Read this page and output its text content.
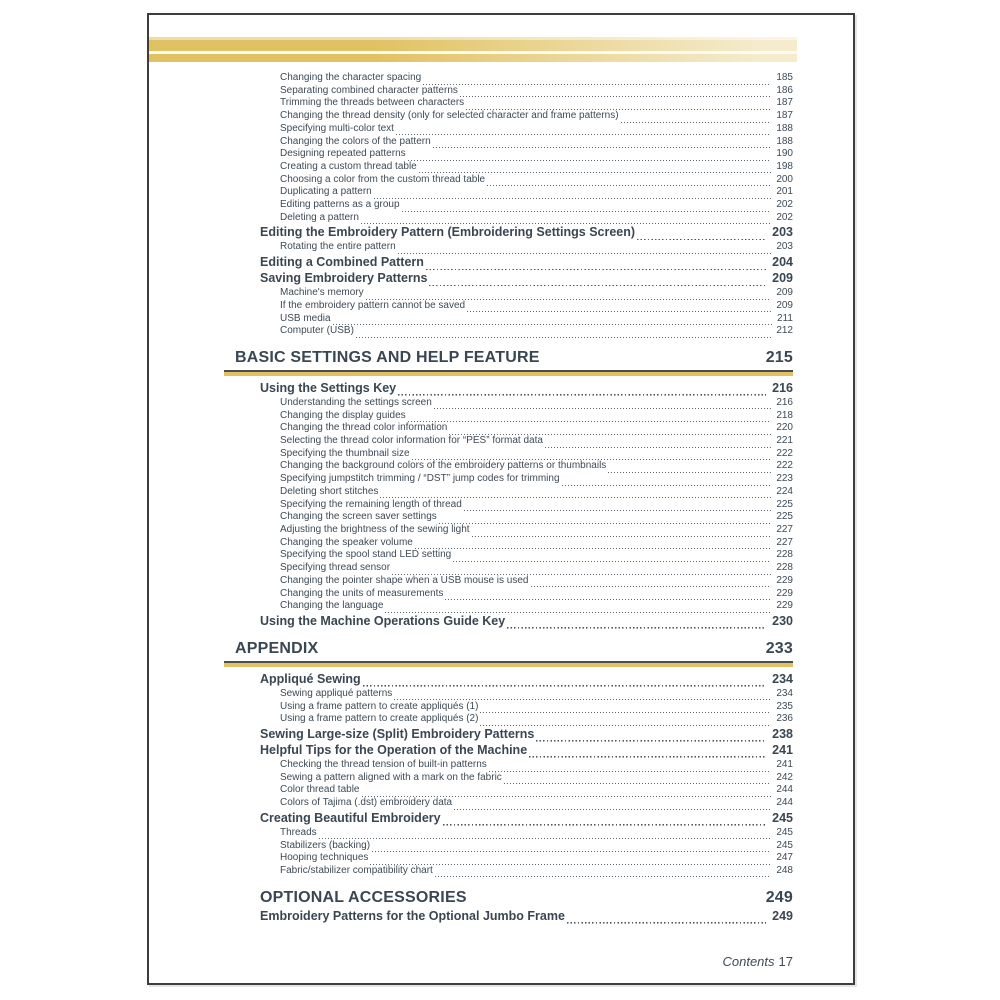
Changing the character spacing	185
Separating combined character patterns	186
Trimming the threads between characters	187
Changing the thread density (only for selected character and frame patterns)	187
Specifying multi-color text	188
Changing the colors of the pattern	188
Designing repeated patterns	190
Creating a custom thread table	198
Choosing a color from the custom thread table	200
Duplicating a pattern	201
Editing patterns as a group	202
Deleting a pattern	202
Editing the Embroidery Pattern (Embroidering Settings Screen)	203
Rotating the entire pattern	203
Editing a Combined Pattern	204
Saving Embroidery Patterns	209
Machine's memory	209
If the embroidery pattern cannot be saved	209
USB media	211
Computer (USB)	212
BASIC SETTINGS AND HELP FEATURE	215
Using the Settings Key	216
Understanding the settings screen	216
Changing the display guides	218
Changing the thread color information	220
Selecting the thread color information for “PES” format data	221
Specifying the thumbnail size	222
Changing the background colors of the embroidery patterns or thumbnails	222
Specifying jumpstitch trimming / “DST” jump codes for trimming	223
Deleting short stitches	224
Specifying the remaining length of thread	225
Changing the screen saver settings	225
Adjusting the brightness of the sewing light	227
Changing the speaker volume	227
Specifying the spool stand LED setting	228
Specifying thread sensor	228
Changing the pointer shape when a USB mouse is used	229
Changing the units of measurements	229
Changing the language	229
Using the Machine Operations Guide Key	230
APPENDIX	233
Appliqué Sewing	234
Sewing appliqué patterns	234
Using a frame pattern to create appliqués (1)	235
Using a frame pattern to create appliqués (2)	236
Sewing Large-size (Split) Embroidery Patterns	238
Helpful Tips for the Operation of the Machine	241
Checking the thread tension of built-in patterns	241
Sewing a pattern aligned with a mark on the fabric	242
Color thread table	244
Colors of Tajima (.dst) embroidery data	244
Creating Beautiful Embroidery	245
Threads	245
Stabilizers (backing)	245
Hooping techniques	247
Fabric/stabilizer compatibility chart	248
OPTIONAL ACCESSORIES	249
Embroidery Patterns for the Optional Jumbo Frame	249
Contents 17
